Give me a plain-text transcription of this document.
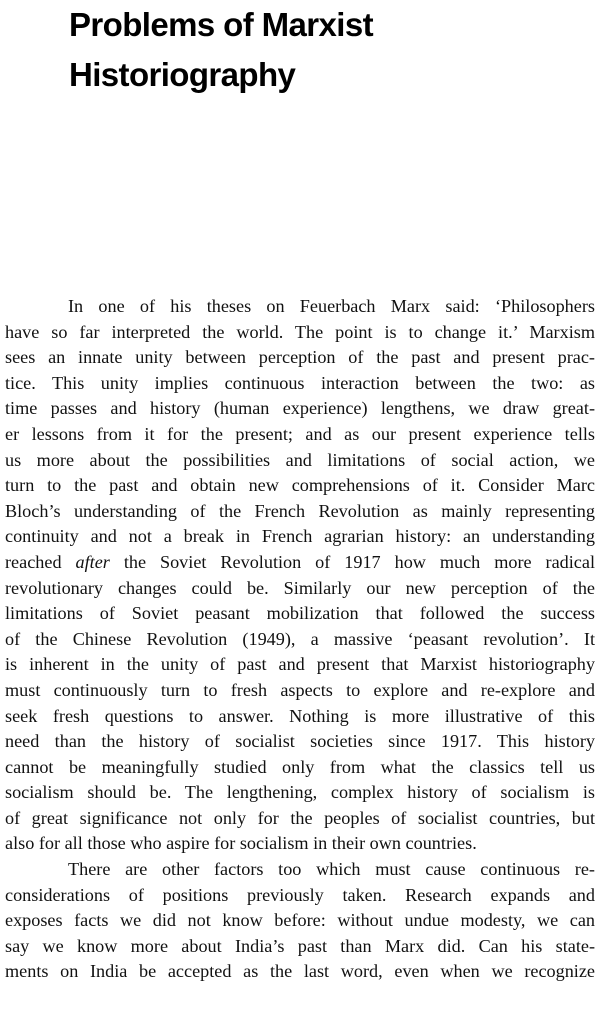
Problems of Marxist
Historiography
In one of his theses on Feuerbach Marx said: ‘Philosophers
have so far interpreted the world. The point is to change it.’ Marxism
sees an innate unity between perception of the past and present prac-
tice. This unity implies continuous interaction between the two: as
time passes and history (human experience) lengthens, we draw great-
er lessons from it for the present; and as our present experience tells
us more about the possibilities and limitations of social action, we
turn to the past and obtain new comprehensions of it. Consider Marc
Bloch’s understanding of the French Revolution as mainly representing
continuity and not a break in French agrarian history: an understanding
reached after the Soviet Revolution of 1917 how much more radical
revolutionary changes could be. Similarly our new perception of the
limitations of Soviet peasant mobilization that followed the success
of the Chinese Revolution (1949), a massive ‘peasant revolution’. It
is inherent in the unity of past and present that Marxist historiography
must continuously turn to fresh aspects to explore and re-explore and
seek fresh questions to answer. Nothing is more illustrative of this
need than the history of socialist societies since 1917. This history
cannot be meaningfully studied only from what the classics tell us
socialism should be. The lengthening, complex history of socialism is
of great significance not only for the peoples of socialist countries, but
also for all those who aspire for socialism in their own countries.
There are other factors too which must cause continuous re-
considerations of positions previously taken. Research expands and
exposes facts we did not know before: without undue modesty, we can
say we know more about India’s past than Marx did. Can his state-
ments on India be accepted as the last word, even when we recognize
